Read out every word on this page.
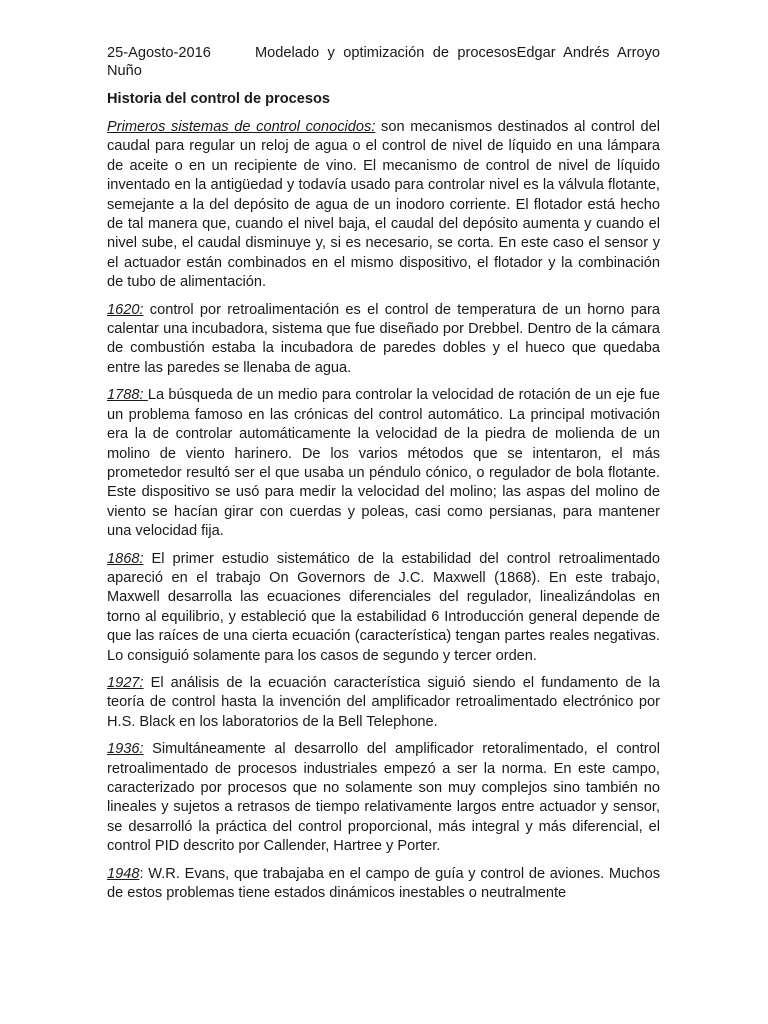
25-Agosto-2016	Modelado y optimización de procesosEdgar Andrés Arroyo Nuño
Historia del control de procesos

Primeros sistemas de control conocidos: son mecanismos destinados al control del caudal para regular un reloj de agua o el control de nivel de líquido en una lámpara de aceite o en un recipiente de vino. El mecanismo de control de nivel de líquido inventado en la antigüedad y todavía usado para controlar nivel es la válvula flotante, semejante a la del depósito de agua de un inodoro corriente. El flotador está hecho de tal manera que, cuando el nivel baja, el caudal del depósito aumenta y cuando el nivel sube, el caudal disminuye y, si es necesario, se corta. En este caso el sensor y el actuador están combinados en el mismo dispositivo, el flotador y la combinación de tubo de alimentación.

1620: control por retroalimentación es el control de temperatura de un horno para calentar una incubadora, sistema que fue diseñado por Drebbel. Dentro de la cámara de combustión estaba la incubadora de paredes dobles y el hueco que quedaba entre las paredes se llenaba de agua.

1788: La búsqueda de un medio para controlar la velocidad de rotación de un eje fue un problema famoso en las crónicas del control automático. La principal motivación era la de controlar automáticamente la velocidad de la piedra de molienda de un molino de viento harinero. De los varios métodos que se intentaron, el más prometedor resultó ser el que usaba un péndulo cónico, o regulador de bola flotante. Este dispositivo se usó para medir la velocidad del molino; las aspas del molino de viento se hacían girar con cuerdas y poleas, casi como persianas, para mantener una velocidad fija.

1868: El primer estudio sistemático de la estabilidad del control retroalimentado apareció en el trabajo On Governors de J.C. Maxwell (1868). En este trabajo, Maxwell desarrolla las ecuaciones diferenciales del regulador, linealizándolas en torno al equilibrio, y estableció que la estabilidad 6 Introducción general depende de que las raíces de una cierta ecuación (característica) tengan partes reales negativas. Lo consiguió solamente para los casos de segundo y tercer orden.

1927: El análisis de la ecuación característica siguió siendo el fundamento de la teoría de control hasta la invención del amplificador retroalimentado electrónico por H.S. Black en los laboratorios de la Bell Telephone.

1936: Simultáneamente al desarrollo del amplificador retoralimentado, el control retroalimentado de procesos industriales empezó a ser la norma. En este campo, caracterizado por procesos que no solamente son muy complejos sino también no lineales y sujetos a retrasos de tiempo relativamente largos entre actuador y sensor, se desarrolló la práctica del control proporcional, más integral y más diferencial, el control PID descrito por Callender, Hartree y Porter.

1948: W.R. Evans, que trabajaba en el campo de guía y control de aviones. Muchos de estos problemas tiene estados dinámicos inestables o neutralmente
